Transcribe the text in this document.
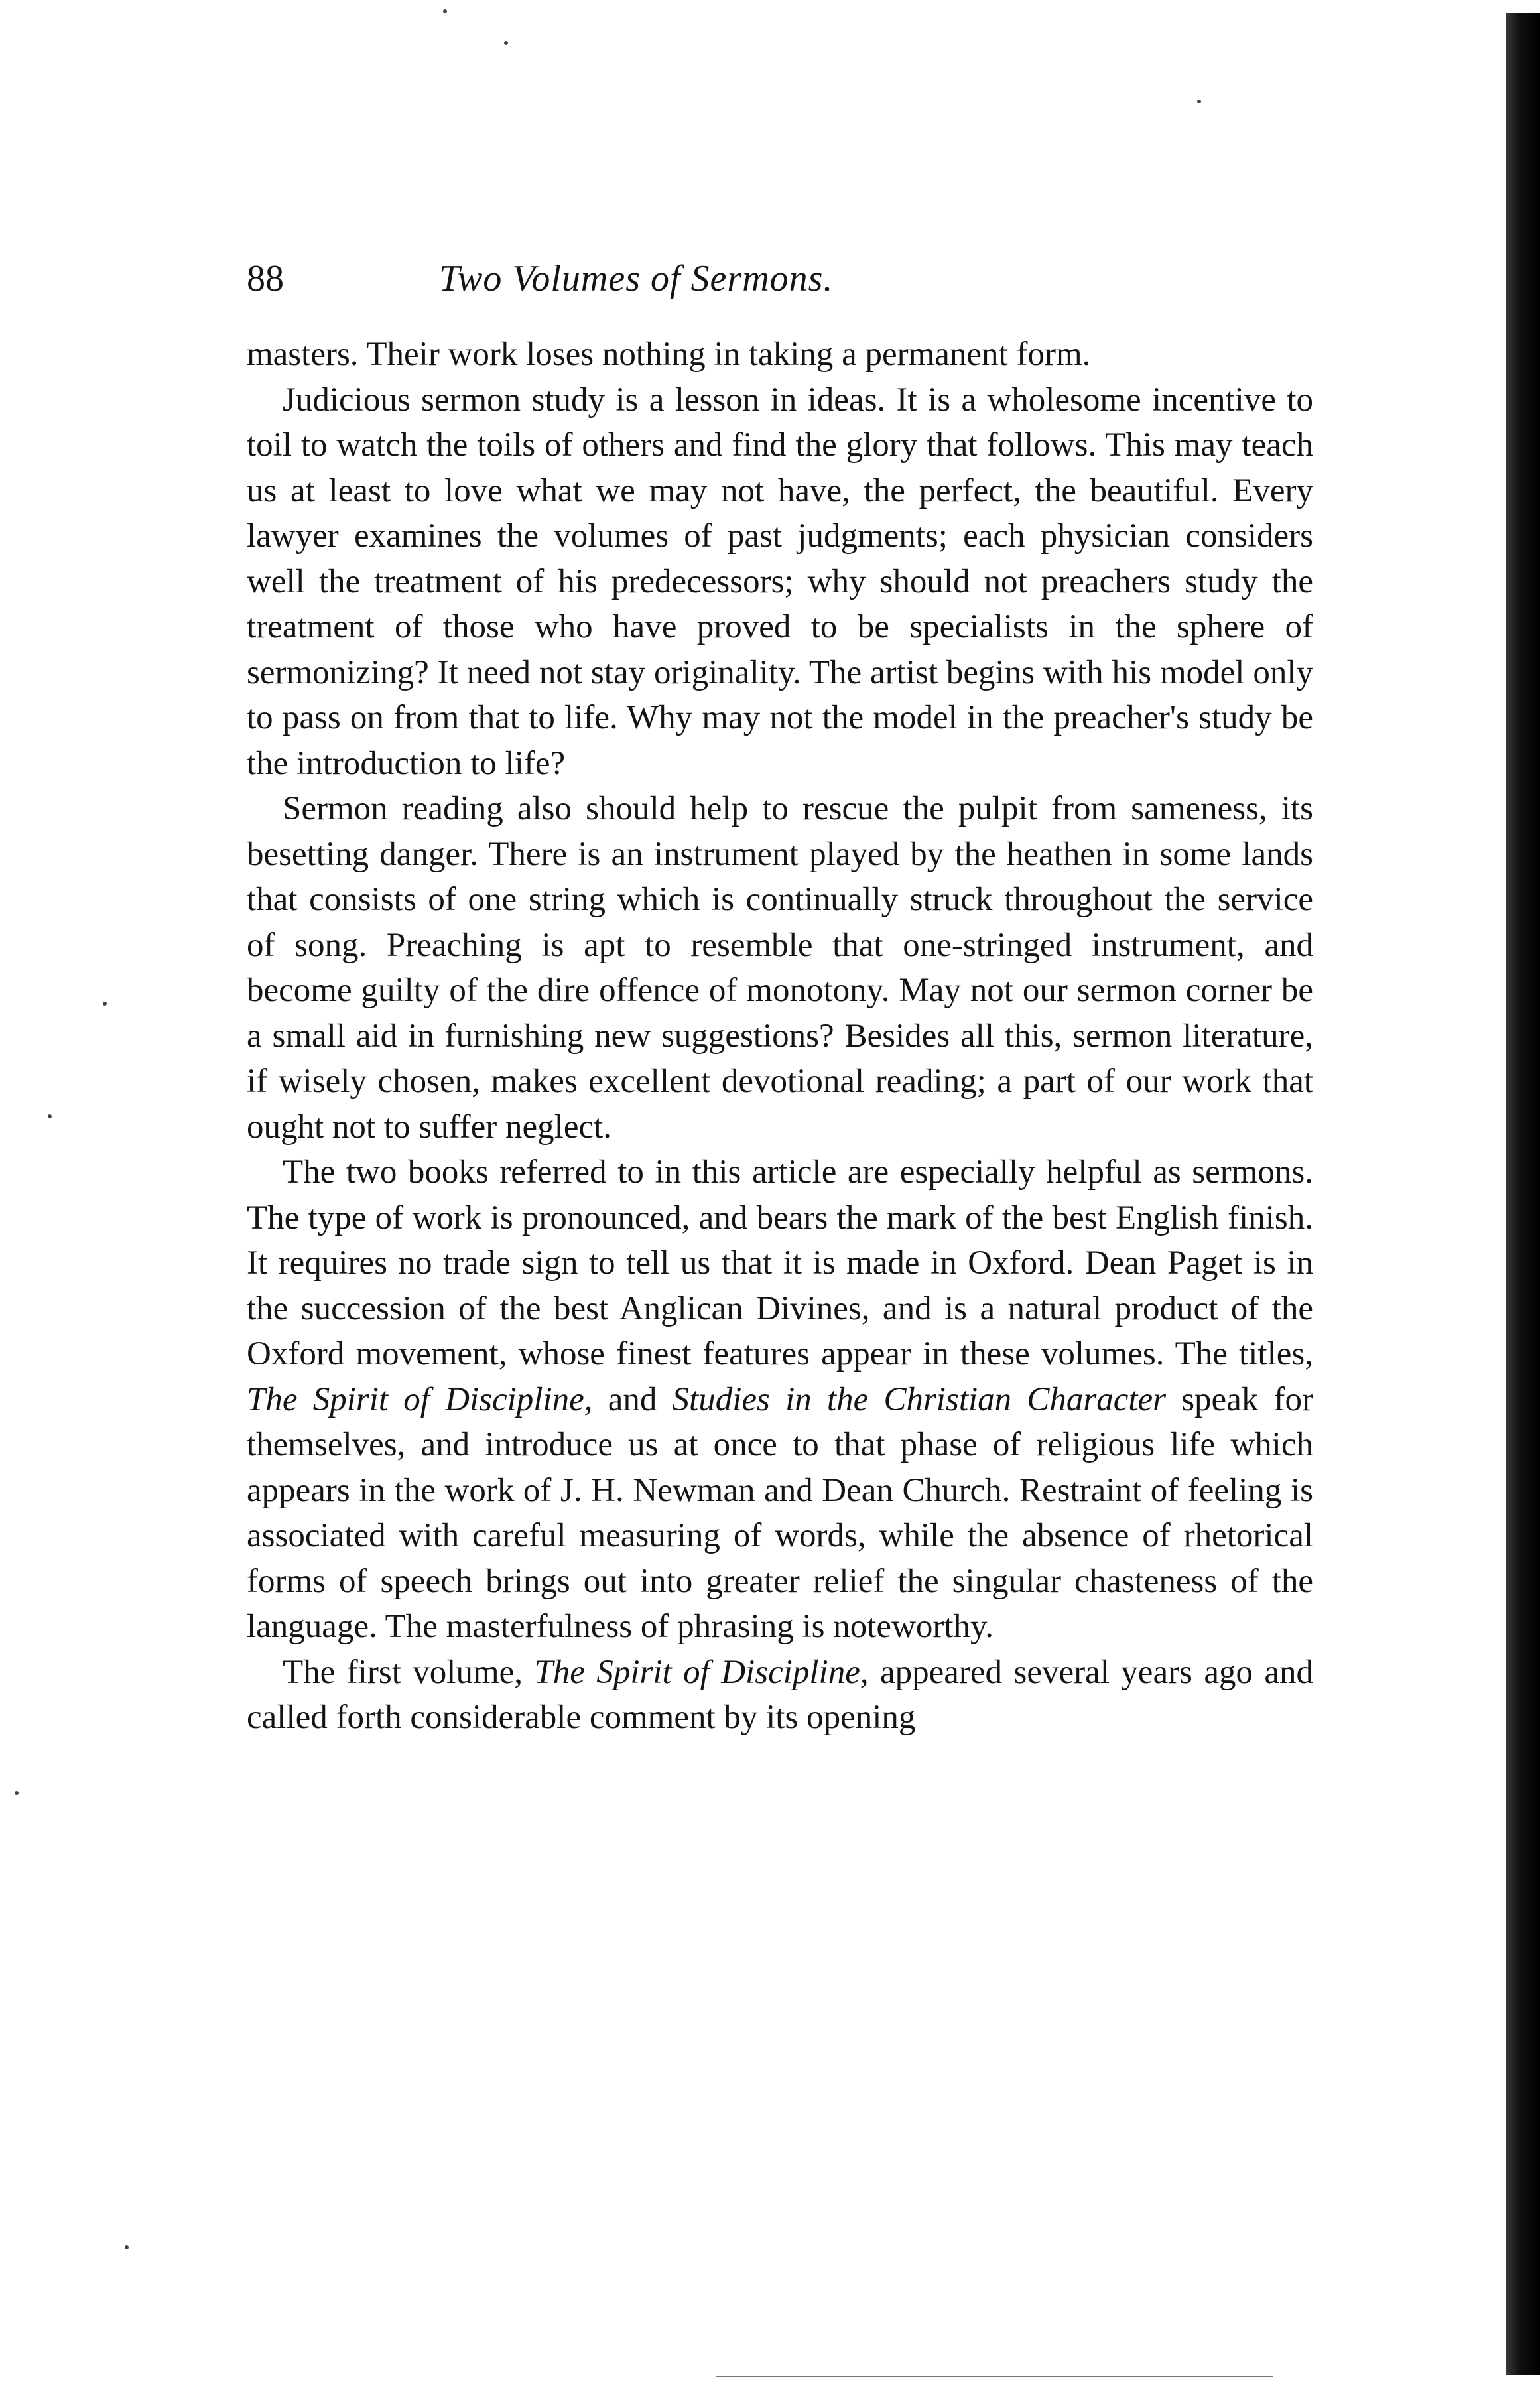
88	Two Volumes of Sermons.

masters. Their work loses nothing in taking a permanent form.

Judicious sermon study is a lesson in ideas. It is a wholesome incentive to toil to watch the toils of others and find the glory that follows. This may teach us at least to love what we may not have, the perfect, the beautiful. Every lawyer examines the volumes of past judgments; each physician considers well the treatment of his predecessors; why should not preachers study the treatment of those who have proved to be specialists in the sphere of sermonizing? It need not stay originality. The artist begins with his model only to pass on from that to life. Why may not the model in the preacher's study be the introduction to life?

Sermon reading also should help to rescue the pulpit from sameness, its besetting danger. There is an instrument played by the heathen in some lands that consists of one string which is continually struck throughout the service of song. Preaching is apt to resemble that one-stringed instrument, and become guilty of the dire offence of monotony. May not our sermon corner be a small aid in furnishing new suggestions? Besides all this, sermon literature, if wisely chosen, makes excellent devotional reading; a part of our work that ought not to suffer neglect.

The two books referred to in this article are especially helpful as sermons. The type of work is pronounced, and bears the mark of the best English finish. It requires no trade sign to tell us that it is made in Oxford. Dean Paget is in the succession of the best Anglican Divines, and is a natural product of the Oxford movement, whose finest features appear in these volumes. The titles, The Spirit of Discipline, and Studies in the Christian Character speak for themselves, and introduce us at once to that phase of religious life which appears in the work of J. H. Newman and Dean Church. Restraint of feeling is associated with careful measuring of words, while the absence of rhetorical forms of speech brings out into greater relief the singular chasteness of the language. The masterfulness of phrasing is noteworthy.

The first volume, The Spirit of Discipline, appeared several years ago and called forth considerable comment by its opening
